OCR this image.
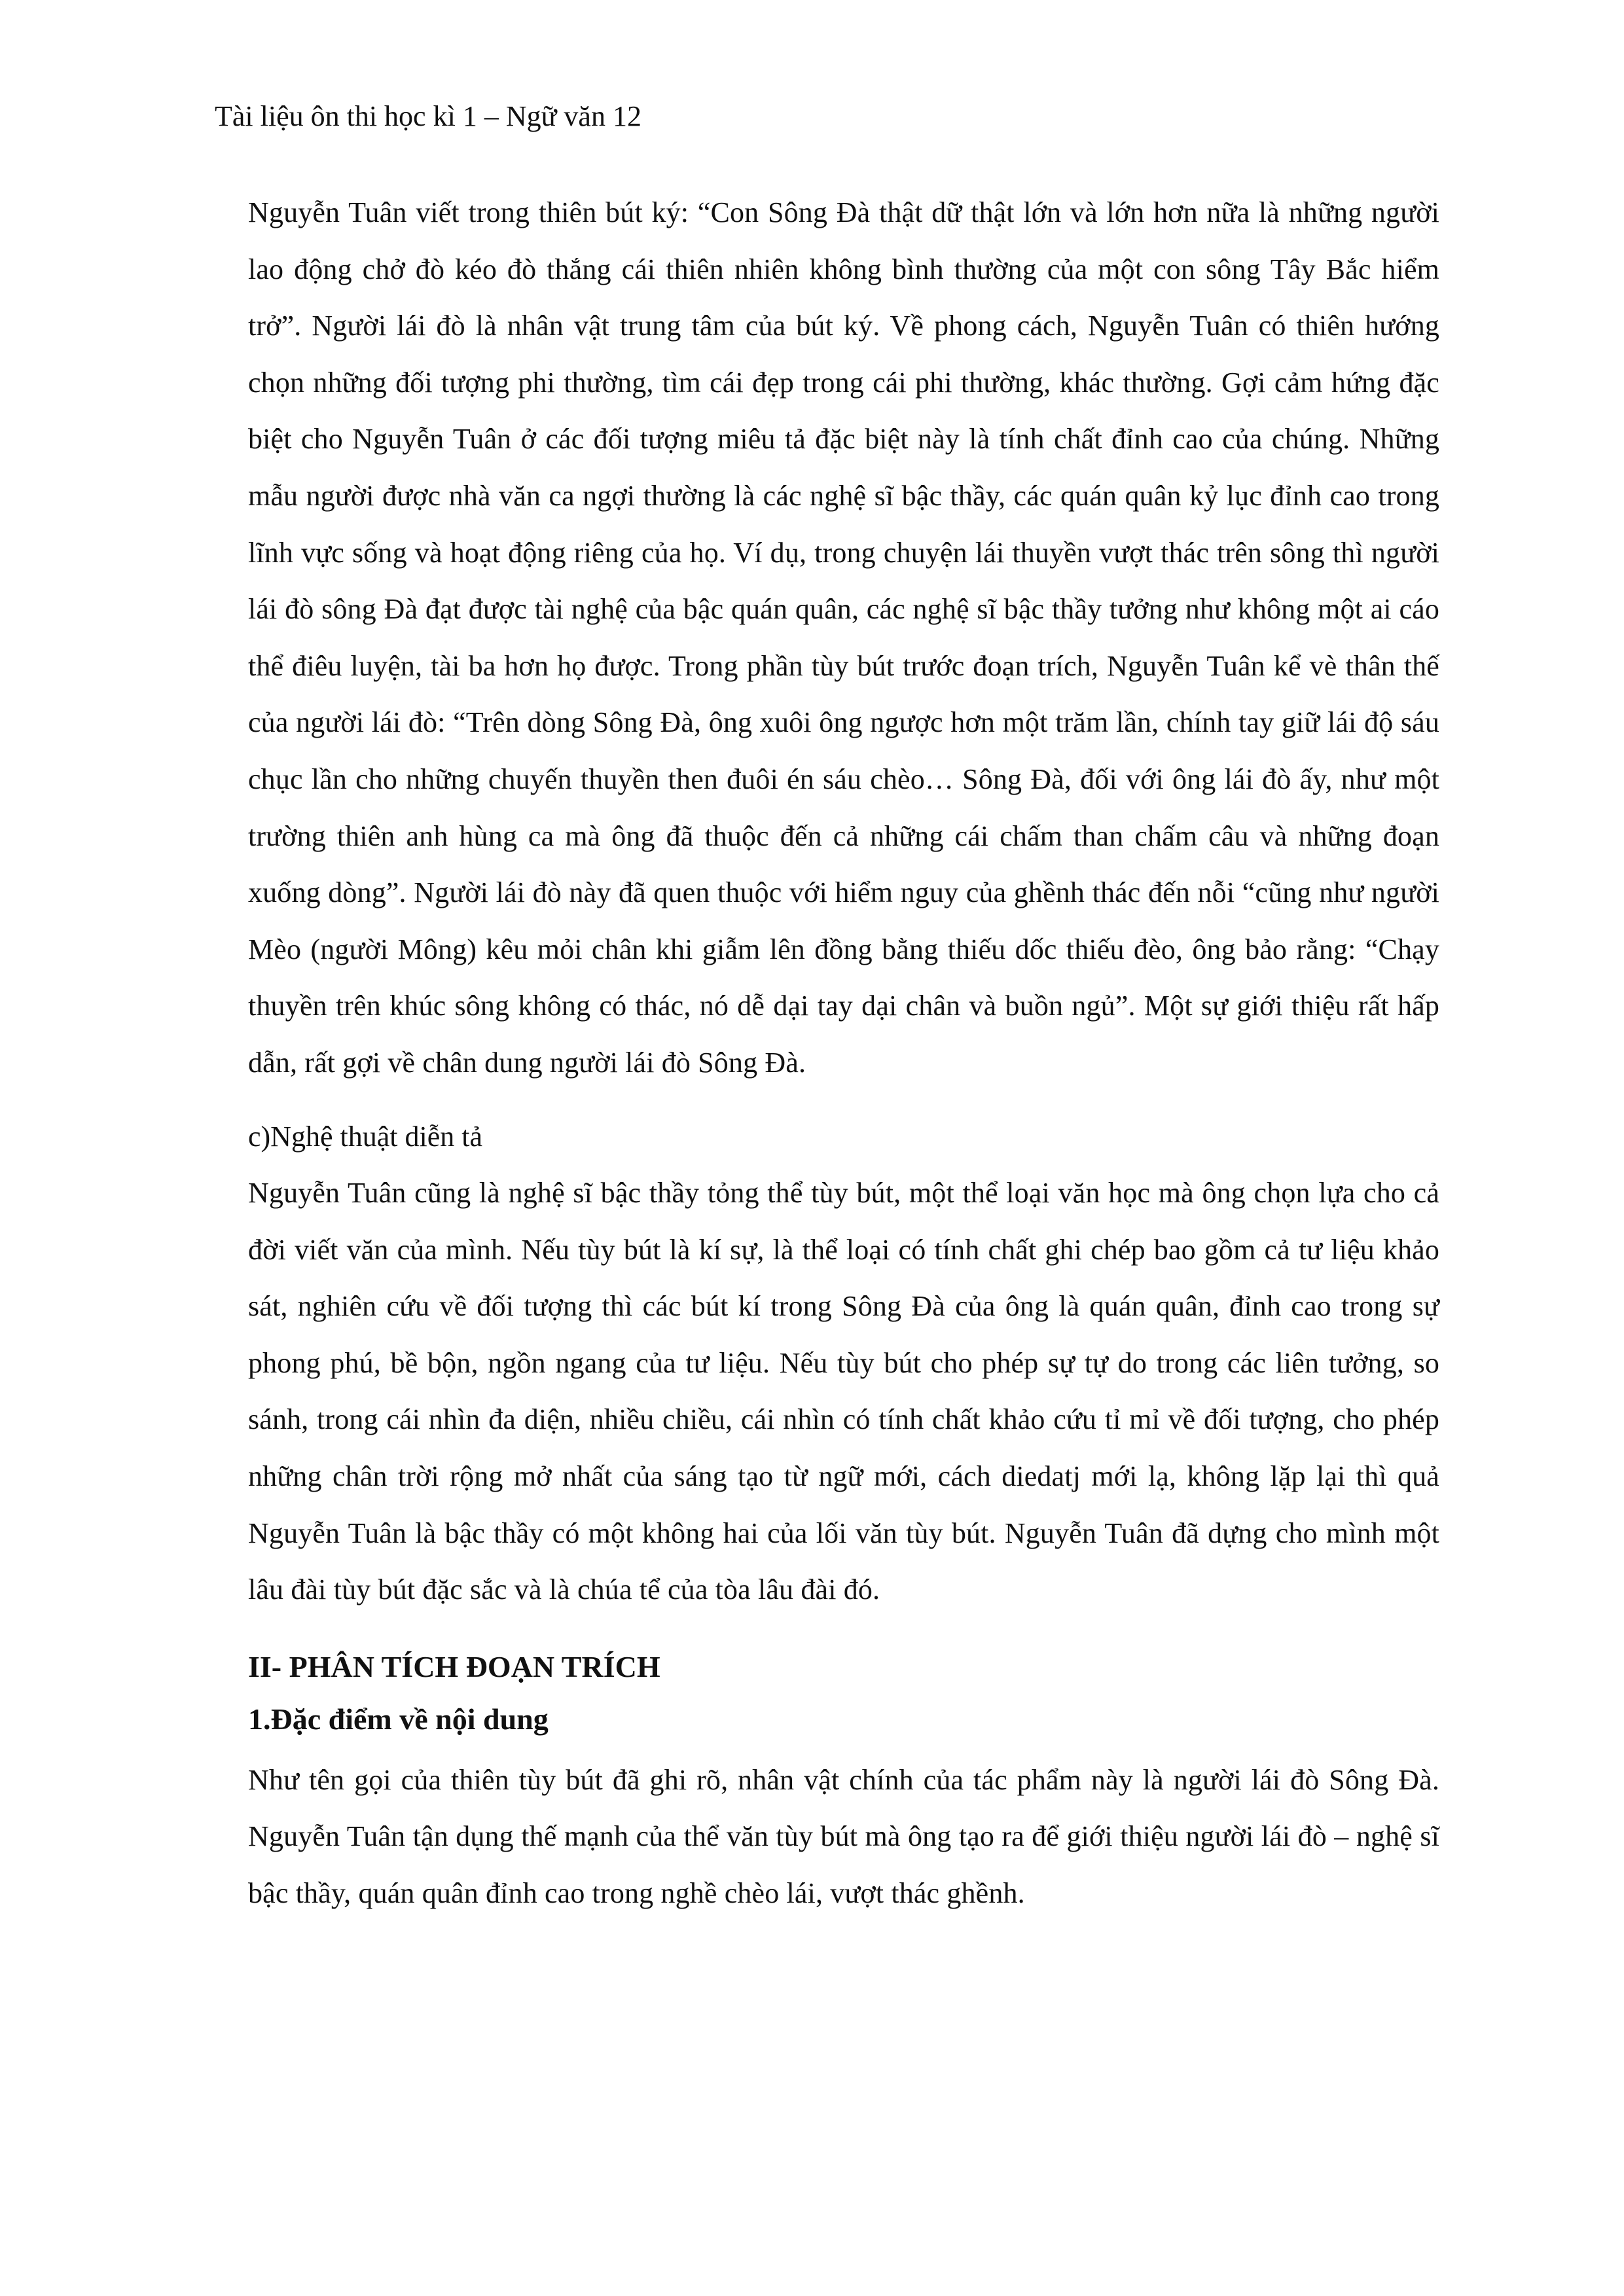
Tài liệu ôn thi học kì 1 – Ngữ văn 12

Nguyễn Tuân viết trong thiên bút ký: “Con Sông Đà thật dữ thật lớn và lớn hơn nữa là những người lao động chở đò kéo đò thắng cái thiên nhiên không bình thường của một con sông Tây Bắc hiểm trở”. Người lái đò là nhân vật trung tâm của bút ký. Về phong cách, Nguyễn Tuân có thiên hướng chọn những đối tượng phi thường, tìm cái đẹp trong cái phi thường, khác thường. Gợi cảm hứng đặc biệt cho Nguyễn Tuân ở các đối tượng miêu tả đặc biệt này là tính chất đỉnh cao của chúng. Những mẫu người được nhà văn ca ngợi thường là các nghệ sĩ bậc thầy, các quán quân kỷ lục đỉnh cao trong lĩnh vực sống và hoạt động riêng của họ. Ví dụ, trong chuyện lái thuyền vượt thác trên sông thì người lái đò sông Đà đạt được tài nghệ của bậc quán quân, các nghệ sĩ bậc thầy tưởng như không một ai cáo thể điêu luyện, tài ba hơn họ được. Trong phần tùy bút trước đoạn trích, Nguyễn Tuân kể vè thân thế của người lái đò: “Trên dòng Sông Đà, ông xuôi ông ngược hơn một trăm lần, chính tay giữ lái độ sáu chục lần cho những chuyến thuyền then đuôi én sáu chèo… Sông Đà, đối với ông lái đò ấy, như một trường thiên anh hùng ca mà ông đã thuộc đến cả những cái chấm than chấm câu và những đoạn xuống dòng”. Người lái đò này đã quen thuộc với hiểm nguy của ghềnh thác đến nỗi “cũng như người Mèo (người Mông) kêu mỏi chân khi giẫm lên đồng bằng thiếu dốc thiếu đèo, ông bảo rằng: “Chạy thuyền trên khúc sông không có thác, nó dễ dại tay dại chân và buồn ngủ”. Một sự giới thiệu rất hấp dẫn, rất gợi về chân dung người lái đò Sông Đà.

c)Nghệ thuật diễn tả

Nguyễn Tuân cũng là nghệ sĩ bậc thầy tỏng thể tùy bút, một thể loại văn học mà ông chọn lựa cho cả đời viết văn của mình. Nếu tùy bút là kí sự, là thể loại có tính chất ghi chép bao gồm cả tư liệu khảo sát, nghiên cứu về đối tượng thì các bút kí trong Sông Đà của ông là quán quân, đỉnh cao trong sự phong phú, bề bộn, ngồn ngang của tư liệu. Nếu tùy bút cho phép sự tự do trong các liên tưởng, so sánh, trong cái nhìn đa diện, nhiều chiều, cái nhìn có tính chất khảo cứu tỉ mỉ về đối tượng, cho phép những chân trời rộng mở nhất của sáng tạo từ ngữ mới, cách diedatj mới lạ, không lặp lại thì quả Nguyễn Tuân là bậc thầy có một không hai của lối văn tùy bút. Nguyễn Tuân đã dựng cho mình một lâu đài tùy bút đặc sắc và là chúa tể của tòa lâu đài đó.

II- PHÂN TÍCH ĐOẠN TRÍCH

1.Đặc điểm về nội dung

Như tên gọi của thiên tùy bút đã ghi rõ, nhân vật chính của tác phẩm này là người lái đò Sông Đà. Nguyễn Tuân tận dụng thế mạnh của thể văn tùy bút mà ông tạo ra để giới thiệu người lái đò – nghệ sĩ bậc thầy, quán quân đỉnh cao trong nghề chèo lái, vượt thác ghềnh.
